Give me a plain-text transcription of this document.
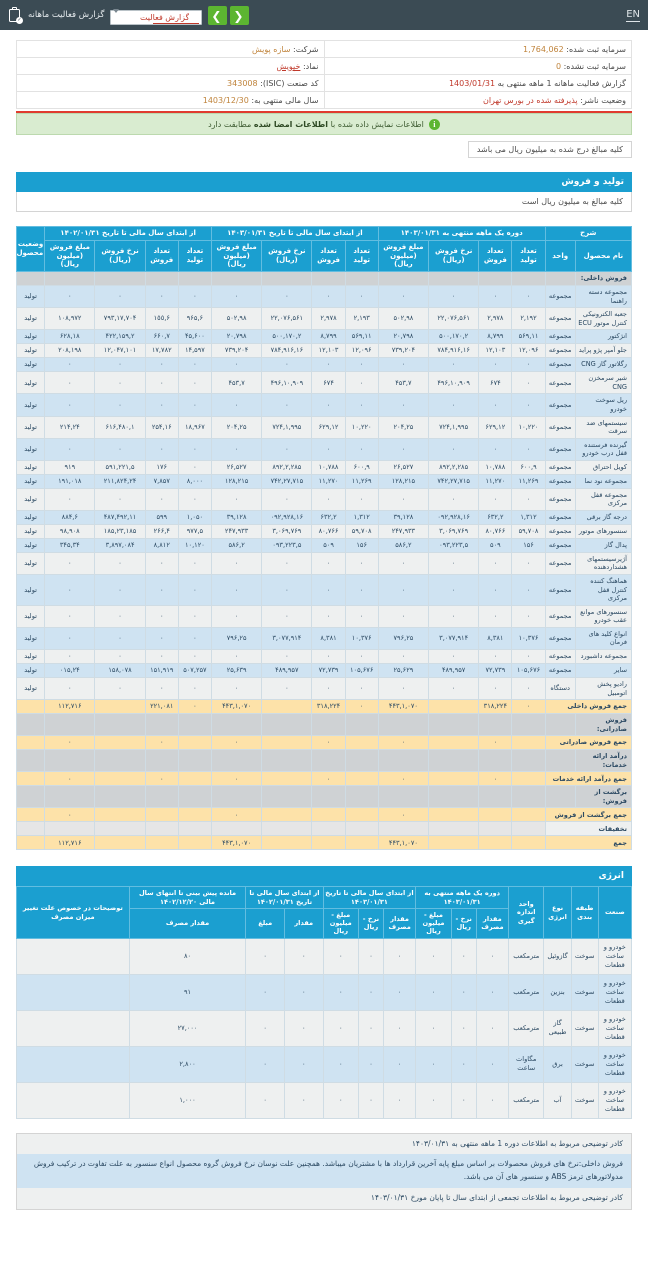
EN
❮
❯
گزارش فعالیت
گزارش فعالیت ماهانه
✓
سرمایه ثبت شده: 1,764,062	شرکت: سازه پویش
سرمایه ثبت نشده: 0	نماد: خپویش
گزارش فعالیت ماهانه 1 ماهه منتهی به 1403/01/31	کد صنعت (ISIC): 343008
وضعیت ناشر: پذیرفته شده در بورس تهران	سال مالی منتهی به: 1403/12/30
i
اطلاعات نمایش داده شده با اطلاعات امضا شده مطابقت دارد
کلیه مبالغ درج شده به میلیون ریال می باشد
تولید و فروش
کلیه مبالغ به میلیون ریال است
شرح		دوره یک ماهه منتهی به ۱۴۰۳/۰۱/۳۱				از ابتدای سال مالی تا تاریخ ۱۴۰۳/۰۱/۳۱				از ابتدای سال مالی تا تاریخ ۱۴۰۲/۰۱/۳۱				وضعیت محصول
نام محصول	واحد	تعداد تولید	تعداد فروش	نرخ فروش (ریال)	مبلغ فروش (میلیون ریال)	تعداد تولید	تعداد فروش	نرخ فروش (ریال)	مبلغ فروش (میلیون ریال)	تعداد تولید	تعداد فروش	نرخ فروش (ریال)	مبلغ فروش (میلیون ریال)	
فروش داخلی:														
مجموعه دسته راهنما	مجموعه	٠	٠	٠	٠	٠	٠	٠	٠	٠	٠	٠	٠	تولید
جعبه الکترونیکی کنترل موتور ECU	مجموعه	٢,١٩٢	٢,٩٧٨	٢٢,٠٧۶,۵۶١	٩٨,۵٠٢	٢,١٩٣	٢,٩٧٨	٢٢,٠٧۶,۵۶١	٩٨,۵٠٢	۶,٩۶۵	۶,١٥٥	١٧,٧٠۴,٧٩٣	١٠٨,٩٧٢	تولید
انژکتور	مجموعه	١١,۵۶٩	٨,٧٩٩	٢,۵٠٠,١٧٠	٢٠,٧٩٨	١١,۵۶٩	٨,٧٩٩	٢,۵٠٠,١٧٠	٢٠,٧٩٨	۴۵,۶٠٠	٧,۶۶٠	٢,۴٢٢,١۵٩	١٨,۶٢٨	تولید
جلو آمپر پژو پراید	مجموعه	١٢,٠٩۶	١٢,١٠٣	١۶,٩١۶,٧٨۴	٢٠۴,٧٣٩	١٢,٠٩۶	١٢,١٠٣	١۶,٩١۶,٧٨۴	٢٠۴,٧٣٩	١۴,۵٩٧	١٧,٧٨٢	١٢,٠۴٧,١٠١	٢٠٨,١٩٨	تولید
رگلاتور گاز CNG	مجموعه	٠	٠	٠	٠	٠	٠	٠	٠	٠	٠	٠	٠	تولید
شیر سرمخزن CNG	مجموعه	٠	۶٧۴	١٠,٩٠٩,۴٩۶	٧,۴۵٣	٠	۶٧۴	١٠,٩٠٩,۴٩۶	٧,۴۵٣	٠	٠	٠	٠	تولید
ریل سوخت خودرو	مجموعه	٠	٠	٠	٠	٠	٠	٠	٠	٠	٠	٠	٠	تولید
سیستمهای ضد سرقت	مجموعه	١٠,٢٢٠	١٢,۶٢٩	١,٩٩۵,٧٢۴	٢۵,٢٠۴	١٠,٢٢٠	١٢,۶٢٩	١,٩٩۵,٧٢۴	٢۵,٢٠۴	١٨,٩۶٧	١۶,٢۵۴	١,۴٨٠,۶١۶	٢۴,٢١۴	تولید
گیرنده فرستنده قفل درب خودرو	مجموعه	٠	٠	٠	٠	٠	٠	٠	٠	٠	٠	٠	٠	تولید
کویل احتراق	مجموعه	٩,۶٠٠	١٠,٧٨٨	٢,٢٨۵,٨٩٢	٢۶,۵٢٧	٩,۶٠٠	١٠,٧٨٨	٢,٢٨۵,٨٩٢	٢۶,۵٢٧	٠	١٧۶	۵,٢٢١,۵٩١	٩١٩	تولید
مجموعه نود نما	مجموعه	١١,٢۶٩	١١,٢٧٠	٢٧,٧١۵,٧۴٢	٢١۵,١٢٨	١١,٢۶٩	١١,٢٧٠	٢٧,٧١۵,٧۴٢	٢١۵,١٢٨	٨,٠٠٠	٧,٨۵٧	٢۴,٢١١,٨٢۴	١٩١,٠١٨	تولید
مجموعه قفل مرکزی	مجموعه	٠	٠	٠	٠	٠	٠	٠	٠	٠	٠	٠	٠	تولید
درجه گاز برقی	مجموعه	١,٣١٢	٢,۶٣٢	١۶,٠٩٢,٩٢٨	٣٩,١٢٨	١,٣١٢	٢,۶٣٢	١۶,٠٩٢,٩٢٨	٣٩,١٢٨	١,٠۵٠	۵٩٩	١١,۴٩٢,۴٨٧	۶,٨٨۴	تولید
سنسورهای موتور	مجموعه	۵٩,٧٠٨	٨٠,٧۶۶	٣,٠۶٩,٧۶٩	٢۴٧,٩٣٣	۵٩,٧٠٨	٨٠,٧۶۶	٣,٠۶٩,٧۶٩	٢۴٧,٩٣٣	۵,٩٧٧	۴,٢۶۶	٢٣,١٨۵,١٨۵	٩٨,٩٠٨	تولید
پدال گاز	مجموعه	١۵۶	۵٠٩	۵,٠٩٣,٢٢٣	٢,۵٨۶	١۵۶	۵٠٩	۵,٠٩٣,٢٢٣	٢,۵٨۶	١٠,١٢٠	٨,٨١٢	٣,٨٩٧,٠٨۴	٣۴,٣۴۵	تولید
آژیرسیستمهای هشداردهنده	مجموعه	٠	٠	٠	٠	٠	٠	٠	٠	٠	٠	٠	٠	تولید
هماهنگ کننده کنترل قفل مرکزی	مجموعه	٠	٠	٠	٠	٠	٠	٠	٠	٠	٠	٠	٠	تولید
سنسورهای موانع عقب خودرو	مجموعه	٠	٠	٠	٠	٠	٠	٠	٠	٠	٠	٠	٠	تولید
انواع کلید های فرمان	مجموعه	١٠,٣٧۶	٨,٣٨١	٣,٠٧٧,٩١۴	٢۵,٧٩۶	١٠,٣٧۶	٨,٣٨١	٣,٠٧٧,٩١۴	٢۵,٧٩۶	٠	٠	٠	٠	تولید
مجموعه داشبورد	مجموعه	٠	٠	٠	٠	٠	٠	٠	٠	٠	٠	٠	٠	تولید
سایر	مجموعه	١٠۵,۶٧۶	٧٢,٧٣٩	۴٨٩,٩۵٧	٢۵,۶٢٩	١٠۵,۶٧۶	٧٢,٧٣٩	۴٨٩,٩۵٧	٢۵,۶٣٩	٢۵٧,۵٠٧	١۵١,٩١٩	١۵٨,٠٧٨	٢۴,٠١۵	تولید
رادیو پخش اتومبیل	دستگاه	٠	٠	٠	٠	٠	٠	٠	٠	٠	٠	٠	٠	تولید
جمع فروش داخلی		٠	٢٢۴,٣١٨		١,٠٧٠,۴۴٣	٠	٢٢۴,٣١٨		١,٠٧٠,۴۴٣	٠	٢٢١,٠٨١		٧١۶,١١٢	
فروش صادراتی:														
جمع فروش صادراتی			٠		٠		٠		٠		٠		٠	
درآمد ارائه خدمات:														
جمع درآمد ارائه خدمات			٠		٠		٠		٠		٠		٠	
برگشت از فروش:														
جمع برگشت از فروش					٠				٠				٠	
تخفیفات														
جمع					١,٠٧٠,۴۴٣				١,٠٧٠,۴۴٣				٧١۶,١١٢	
انرژی
صنعت	طبقه بندی	نوع انرژی	واحد اندازه گیری	دوره یک ماهه منتهی به ۱۴۰۳/۰۱/۳۱			از ابتدای سال مالی تا تاریخ ۱۴۰۳/۰۱/۳۱			از ابتدای سال مالی تا تاریخ ۱۴۰۲/۰۱/۳۱		مانده پیش بینی تا انتهای سال مالی ۱۴۰۲/۱۲/۲۰	توضیحات در خصوص علت تغییر میزان مصرف
				مقدار مصرف	نرخ - ریال	مبلغ - میلیون ریال	مقدار مصرف	نرخ - ریال	مبلغ - میلیون ریال	مقدار	مبلغ	مقدار مصرف	
خودرو و ساخت قطعات	سوخت	گازوئیل	مترمکعب	٠	٠	٠	٠	٠	٠	٠	٠	٨٠	
خودرو و ساخت قطعات	سوخت	بنزین	مترمکعب	٠	٠	٠	٠	٠	٠	٠	٠	٩١	
خودرو و ساخت قطعات	سوخت	گاز طبیعی	مترمکعب	٠	٠	٠	٠	٠	٠	٠	٠	٢٧,٠٠٠	
خودرو و ساخت قطعات	سوخت	برق	مگاوات ساعت	٠	٠	٠	٠	٠	٠	٠	٠	٢,٨٠٠	
خودرو و ساخت قطعات	سوخت	آب	مترمکعب	٠	٠	٠	٠	٠	٠	٠	٠	١,٠٠٠	
کادر توضیحی مربوط به اطلاعات دوره 1 ماهه منتهی به ۱۴۰۳/۰۱/۳۱
فروش داخلی:نرخ های فروش محصولات بر اساس مبلغ پایه آخرین قرارداد ها با مشتریان میباشد. همچنین علت نوسان نرخ فروش گروه محصول انواع سنسور به علت تفاوت در ترکیب فروش مدولاتورهای ترمز ABS و سنسور های آن می باشد.
کادر توضیحی مربوط به اطلاعات تجمعی از ابتدای سال تا پایان مورخ ۱۴۰۳/۰۱/۳۱
